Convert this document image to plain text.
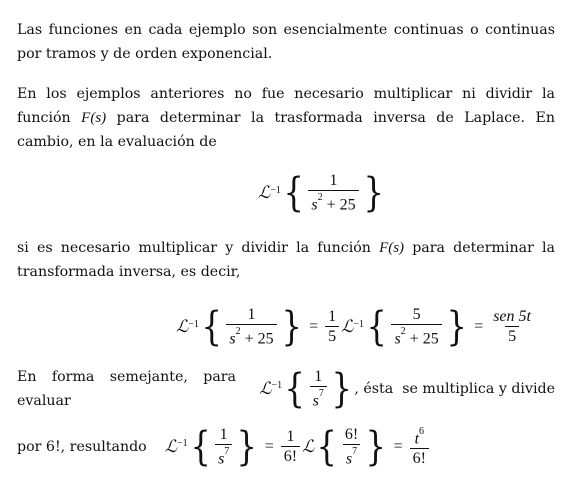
Las funciones en cada ejemplo son esencialmente continuas o continuas por tramos y de orden exponencial.

En los ejemplos anteriores no fue necesario multiplicar ni dividir la función F(s) para determinar la trasformada inversa de Laplace. En cambio, en la evaluación de

ℒ −1 { $\frac{1}{s^2 + 25}$ }

si es necesario multiplicar y dividir la función F(s) para determinar la transformada inversa, es decir,

ℒ −1 { $\frac{1}{s^2 + 25}$ } = $\frac{1}{5}$ ℒ −1 { $\frac{5}{s^2 + 25}$ } = $\frac{\text{sen 5t}}{5}$
En forma semejante, para evaluar
ℒ −1 { $\frac{1}{s^7}$ } , ésta  se multiplica y divide
por 6!, resultando ℒ −1 { $\frac{1}{s^7}$ } = $\frac{1}{6!}$ ℒ { $\frac{6!}{s^7}$ } = $\frac{t^6}{6!}$
